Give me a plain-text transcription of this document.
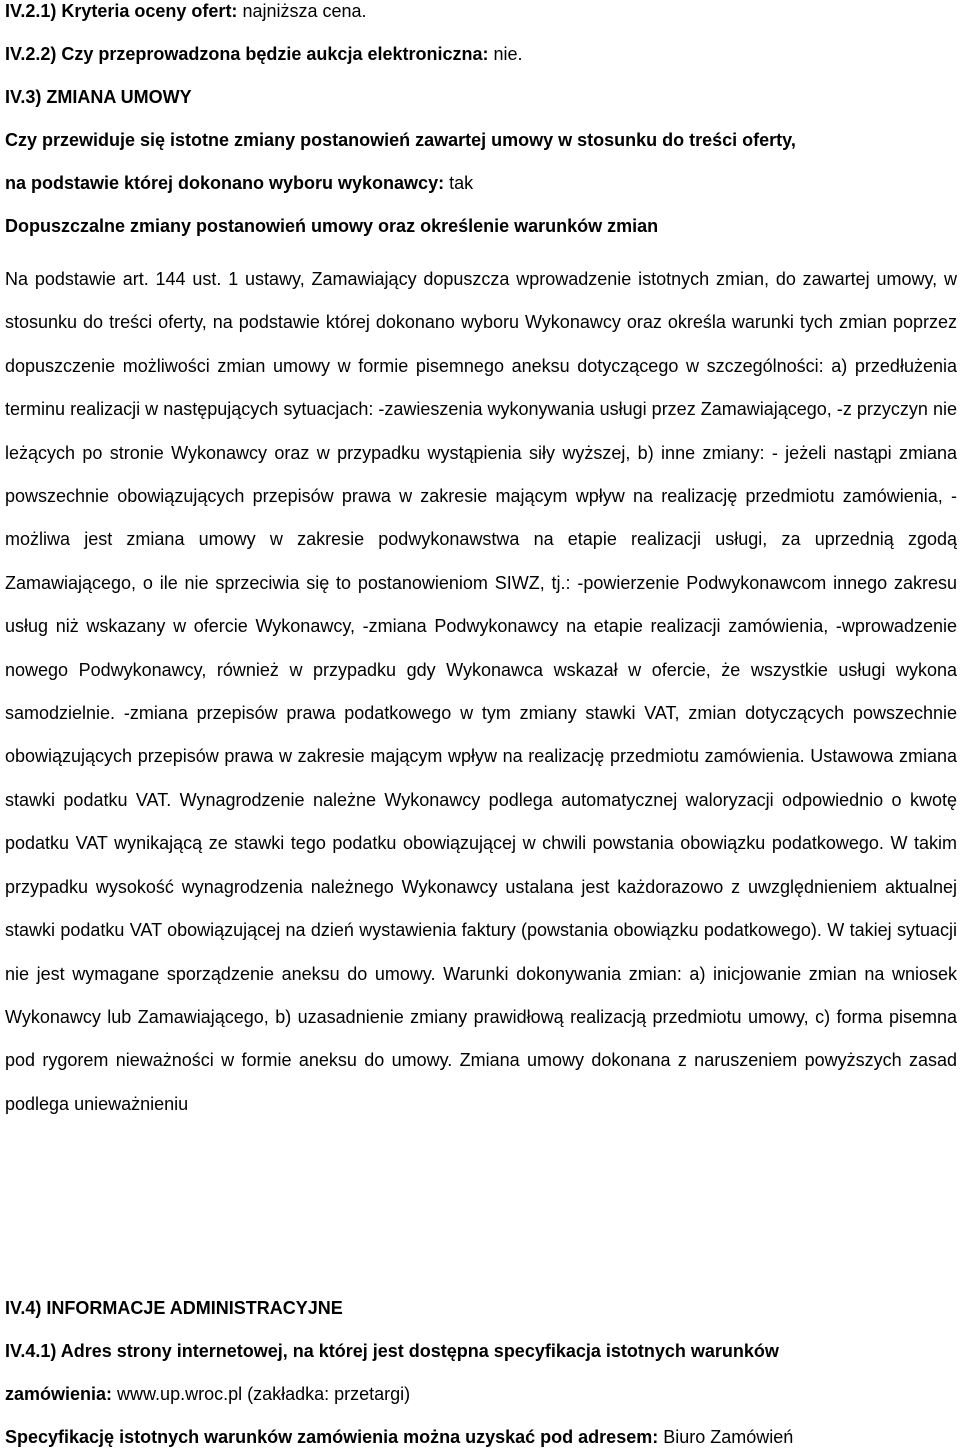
IV.2.1) Kryteria oceny ofert: najniższa cena.
IV.2.2) Czy przeprowadzona będzie aukcja elektroniczna: nie.
IV.3) ZMIANA UMOWY
Czy przewiduje się istotne zmiany postanowień zawartej umowy w stosunku do treści oferty,
na podstawie której dokonano wyboru wykonawcy: tak
Dopuszczalne zmiany postanowień umowy oraz określenie warunków zmian
Na podstawie art. 144 ust. 1 ustawy, Zamawiający dopuszcza wprowadzenie istotnych zmian, do zawartej umowy, w stosunku do treści oferty, na podstawie której dokonano wyboru Wykonawcy oraz określa warunki tych zmian poprzez dopuszczenie możliwości zmian umowy w formie pisemnego aneksu dotyczącego w szczególności: a) przedłużenia terminu realizacji w następujących sytuacjach: -zawieszenia wykonywania usługi przez Zamawiającego, -z przyczyn nie leżących po stronie Wykonawcy oraz w przypadku wystąpienia siły wyższej, b) inne zmiany: - jeżeli nastąpi zmiana powszechnie obowiązujących przepisów prawa w zakresie mającym wpływ na realizację przedmiotu zamówienia, - możliwa jest zmiana umowy w zakresie podwykonawstwa na etapie realizacji usługi, za uprzednią zgodą Zamawiającego, o ile nie sprzeciwia się to postanowieniom SIWZ, tj.: -powierzenie Podwykonawcom innego zakresu usług niż wskazany w ofercie Wykonawcy, -zmiana Podwykonawcy na etapie realizacji zamówienia, -wprowadzenie nowego Podwykonawcy, również w przypadku gdy Wykonawca wskazał w ofercie, że wszystkie usługi wykona samodzielnie. -zmiana przepisów prawa podatkowego w tym zmiany stawki VAT, zmian dotyczących powszechnie obowiązujących przepisów prawa w zakresie mającym wpływ na realizację przedmiotu zamówienia. Ustawowa zmiana stawki podatku VAT. Wynagrodzenie należne Wykonawcy podlega automatycznej waloryzacji odpowiednio o kwotę podatku VAT wynikającą ze stawki tego podatku obowiązującej w chwili powstania obowiązku podatkowego. W takim przypadku wysokość wynagrodzenia należnego Wykonawcy ustalana jest każdorazowo z uwzględnieniem aktualnej stawki podatku VAT obowiązującej na dzień wystawienia faktury (powstania obowiązku podatkowego). W takiej sytuacji nie jest wymagane sporządzenie aneksu do umowy. Warunki dokonywania zmian: a) inicjowanie zmian na wniosek Wykonawcy lub Zamawiającego, b) uzasadnienie zmiany prawidłową realizacją przedmiotu umowy, c) forma pisemna pod rygorem nieważności w formie aneksu do umowy. Zmiana umowy dokonana z naruszeniem powyższych zasad podlega unieważnieniu
IV.4) INFORMACJE ADMINISTRACYJNE
IV.4.1) Adres strony internetowej, na której jest dostępna specyfikacja istotnych warunków
zamówienia: www.up.wroc.pl (zakładka: przetargi)
Specyfikację istotnych warunków zamówienia można uzyskać pod adresem: Biuro Zamówień
